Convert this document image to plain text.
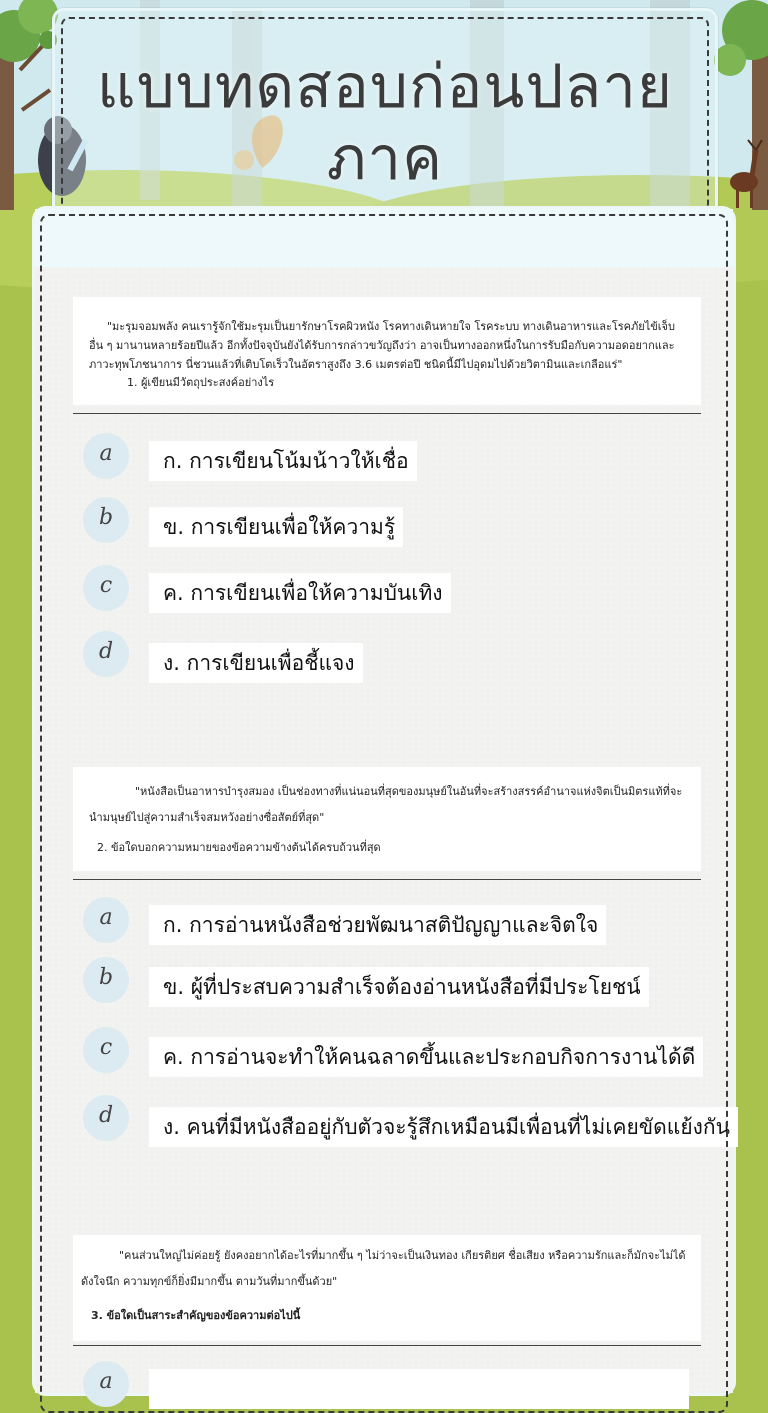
แบบทดสอบก่อนปลายภาค
"มะรุมจอมพลัง คนเรารู้จักใช้มะรุมเป็นยารักษาโรคผิวหนัง โรคทางเดินหายใจ โรคระบบ ทางเดินอาหารและโรคภัยไข้เจ็บอื่น ๆ มานานหลายร้อยปีแล้ว อีกทั้งปัจจุบันยังได้รับการกล่าวขวัญถึงว่า อาจเป็นทางออกหนึ่งในการรับมือกับความอดอยากและภาวะทุพโภชนาการ นี่ชวนแล้วที่เติบโตเร็วในอัตราสูงถึง 3.6 เมตรต่อปี ชนิดนี้มีไปอุดมไปด้วยวิตามินและเกลือแร่"
1. ผู้เขียนมีวัตถุประสงค์อย่างไร
a	ก. การเขียนโน้มน้าวให้เชื่อ
b	ข. การเขียนเพื่อให้ความรู้
c	ค. การเขียนเพื่อให้ความบันเทิง
d	ง. การเขียนเพื่อชี้แจง
"หนังสือเป็นอาหารบำรุงสมอง เป็นช่องทางที่แน่นอนที่สุดของมนุษย์ในอันที่จะสร้างสรรค์อำนาจแห่งจิตเป็นมิตรแท้ที่จะนำมนุษย์ไปสู่ความสำเร็จสมหวังอย่างซื่อสัตย์ที่สุด"
2. ข้อใดบอกความหมายของข้อความข้างต้นได้ครบถ้วนที่สุด
a	ก. การอ่านหนังสือช่วยพัฒนาสติปัญญาและจิตใจ
b	ข. ผู้ที่ประสบความสำเร็จต้องอ่านหนังสือที่มีประโยชน์
c	ค. การอ่านจะทำให้คนฉลาดขึ้นและประกอบกิจการงานได้ดี
d	ง. คนที่มีหนังสืออยู่กับตัวจะรู้สึกเหมือนมีเพื่อนที่ไม่เคยขัดแย้งกัน
"คนส่วนใหญ่ไม่ค่อยรู้ ยังคงอยากได้อะไรที่มากขึ้น ๆ ไม่ว่าจะเป็นเงินทอง เกียรติยศ ชื่อเสียง หรือความรักและก็มักจะไม่ได้ดังใจนึก ความทุกข์ก็ยิ่งมีมากขึ้น ตามวันที่มากขึ้นด้วย"
3. ข้อใดเป็นสาระสำคัญของข้อความต่อไปนี้
a
